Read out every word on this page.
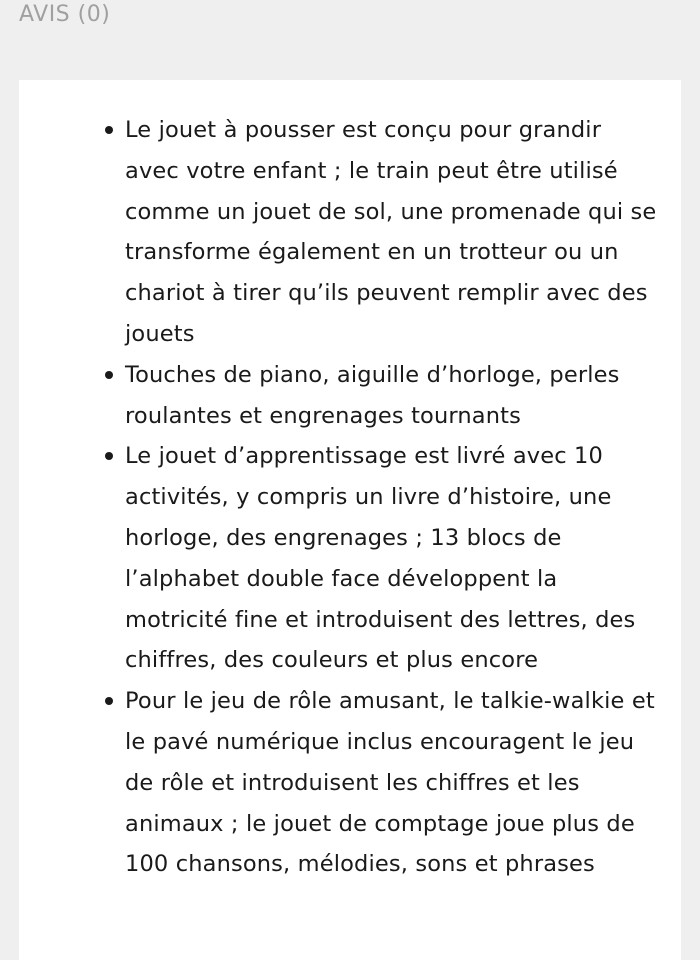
AVIS (0)
Le jouet à pousser est conçu pour grandir avec votre enfant ; le train peut être utilisé comme un jouet de sol, une promenade qui se transforme également en un trotteur ou un chariot à tirer qu’ils peuvent remplir avec des jouets
Touches de piano, aiguille d’horloge, perles roulantes et engrenages tournants
Le jouet d’apprentissage est livré avec 10 activités, y compris un livre d’histoire, une horloge, des engrenages ; 13 blocs de l’alphabet double face développent la motricité fine et introduisent des lettres, des chiffres, des couleurs et plus encore
Pour le jeu de rôle amusant, le talkie-walkie et le pavé numérique inclus encouragent le jeu de rôle et introduisent les chiffres et les animaux ; le jouet de comptage joue plus de 100 chansons, mélodies, sons et phrases
